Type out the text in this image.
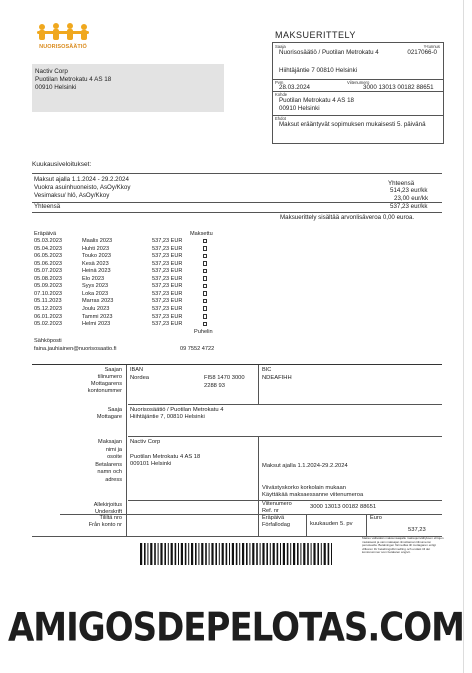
NUORISOSÄÄTIÖ
MAKSUERITTELY
Saaja	Y-tunnus
Nuorisosäätiö / Puotilan Metrokatu 4	0217066-0
Hiihtäjäntie 7 00810 Helsinki
Pvm	Viitenumero
28.03.2024	3000 13013 00182 88651
Kohde
Puotilan Metrokatu 4 AS 18
00910 Helsinki
Ehdot
Maksut erääntyvät sopimuksen mukaisesti 5. päivänä
Nactiv Corp
Puotilan Metrokatu 4 AS 18
00910 Helsinki
Kuukausiveloitukset:
Maksut ajalla 1.1.2024 - 29.2.2024
Yhteensä
Vuokra asuinhuoneisto, AsOy/Kkoy	514,23 eur/kk
Vesimaksu/ hlö, AsOy/Kkoy	23,00 eur/kk
Yhteensä	537,23 eur/kk
Maksuerittely sisältää arvonlisäveroa 0,00 euroa.
Eräpäivä	Maksettu
05.03.2023	Maalis 2023	537,23 EUR
05.04.2023	Huhti 2023	537,23 EUR
06.05.2023	Touko 2023	537,23 EUR
05.06.2023	Kesä 2023	537,23 EUR
05.07.2023	Heinä 2023	537,23 EUR
05.08.2023	Elo 2023	537,23 EUR
05.09.2023	Syys 2023	537,23 EUR
07.10.2023	Loka 2023	537,23 EUR
05.11.2023	Marras 2023	537,23 EUR
05.12.2023	Joulu 2023	537,23 EUR
06.01.2023	Tammi 2023	537,23 EUR
05.02.2023	Helmi 2023	537,23 EUR
Puhelin
Sähköposti
faina.jauhiainen@nuorisosaatio.fi	09 7552 4722
Saajan
tilinumero
Mottagarens
kontonummer
IBAN	BIC
Nordea	FI58 1470 3000 2288 93
NDEAFIHH
Saaja
Mottagare
Nuorisosäätiö / Puotilan Metrokatu 4
Hiihtäjäntie 7, 00810 Helsinki
Maksajan
nimi ja
osoite
Betalarens
namn och
adress
Nactiv Corp
Puotilan Metrokatu 4 AS 18
009101 Helsinki	Maksut ajalla 1.1.2024-29.2.2024
Viivästyskorko korkolain mukaan
Käyttäkää maksaessanne viitenumeroa
Allekirjoitus
Underskrift
Viitenumero
Ref. nr
3000 13013 00182 88651
Tililtä nro
Från konto nr
Eräpäivä
Förfallodag	kuukauden 5. pv
Euro
537,23
Maksu välitetään maksunsaajalle maksujenvälityksen ehtojen mukaisesti ja vain maksajan ilmoittaman tilinumeron perusteella. Betalningen förmedlas till mottagaren enligt villkoren för betalningsförmedling och endast till det kontonummer som betalaren angivit.
AMIGOSDEPELOTAS.COM
